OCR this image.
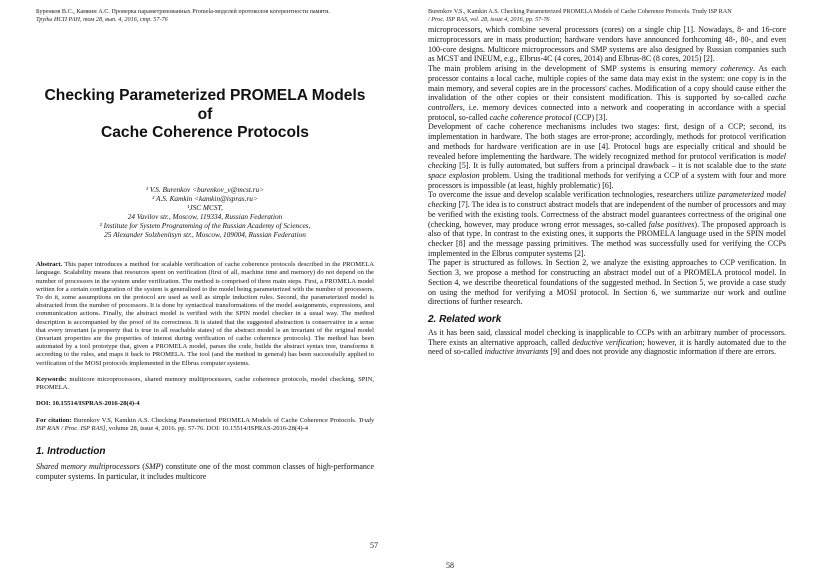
Буренков В.С., Камкин А.С. Проверка параметризованных Promela-моделей протоколов когерентности памяти.
Труды ИСП РАН, том 28, вып. 4, 2016, стр. 57-76
Checking Parameterized PROMELA Models of
Cache Coherence Protocols
¹ V.S. Burenkov <burenkov_v@mcst.ru>
² A.S. Kamkin <kamkin@ispras.ru>
¹JSC MCST,
24 Vavilov str., Moscow, 119334, Russian Federation
² Institute for System Programming of the Russian Academy of Sciences,
25 Alexander Solzhenitsyn str., Moscow, 109004, Russian Federation
Abstract. This paper introduces a method for scalable verification of cache coherence protocols described in the PROMELA language. Scalability means that resources spent on verification (first of all, machine time and memory) do not depend on the number of processors in the system under verification. The method is comprised of three main steps. First, a PROMELA model written for a certain configuration of the system is generalized to the model being parameterized with the number of processors. To do it, some assumptions on the protocol are used as well as simple induction rules. Second, the parameterized model is abstracted from the number of processors. It is done by syntactical transformations of the model assignments, expressions, and communication actions. Finally, the abstract model is verified with the SPIN model checker in a usual way. The method description is accompanied by the proof of its correctness. It is stated that the suggested abstraction is conservative in a sense that every invariant (a property that is true in all reachable states) of the abstract model is an invariant of the original model (invariant properties are the properties of interest during verification of cache coherence protocols). The method has been automated by a tool prototype that, given a PROMELA model, parses the code, builds the abstract syntax tree, transforms it according to the rules, and maps it back to PROMELA. The tool (and the method in general) has been successfully applied to verification of the MOSI protocols implemented in the Elbrus computer systems.
Keywords: multicore microprocessors, shared memory multiprocessors, cache coherence protocols, model checking, SPIN, PROMELA.
DOI: 10.15514/ISPRAS-2016-28(4)-4
For citation: Burenkov V.S, Kamkin A.S. Checking Parameterized PROMELA Models of Cache Coherence Protocols. Trudy ISP RAN / Proc. ISP RAS], volume 28, issue 4, 2016. pp. 57-76. DOI: 10.15514/ISPRAS-2016-28(4)-4
1. Introduction
Shared memory multiprocessors (SMP) constitute one of the most common classes of high-performance computer systems. In particular, it includes multicore
57
Burenkov V.S., Kamkin A.S. Checking Parameterized PROMELA Models of Cache Coherence Protocols. Trudy ISP RAN
/ Proc. ISP RAS, vol. 28, issue 4, 2016, pp. 57-76

microprocessors, which combine several processors (cores) on a single chip [1]. Nowadays, 8- and 16-core microprocessors are in mass production; hardware vendors have announced forthcoming 48-, 80-, and even 100-core designs. Multicore microprocessors and SMP systems are also designed by Russian companies such as MCST and INEUM, e.g., Elbrus-4C (4 cores, 2014) and Elbrus-8C (8 cores, 2015) [2].

The main problem arising in the development of SMP systems is ensuring memory coherency. As each processor contains a local cache, multiple copies of the same data may exist in the system: one copy is in the main memory, and several copies are in the processors' caches. Modification of a copy should cause either the invalidation of the other copies or their consistent modification. This is supported by so-called cache controllers, i.e. memory devices connected into a network and cooperating in accordance with a special protocol, so-called cache coherence protocol (CCP) [3].

Development of cache coherence mechanisms includes two stages: first, design of a CCP; second, its implementation in hardware. The both stages are error-prone; accordingly, methods for protocol verification and methods for hardware verification are in use [4]. Protocol bugs are especially critical and should be revealed before implementing the hardware. The widely recognized method for protocol verification is model checking [5]. It is fully automated, but suffers from a principal drawback – it is not scalable due to the state space explosion problem. Using the traditional methods for verifying a CCP of a system with four and more processors is impossible (at least, highly problematic) [6].

To overcome the issue and develop scalable verification technologies, researchers utilize parameterized model checking [7]. The idea is to construct abstract models that are independent of the number of processors and may be verified with the existing tools. Correctness of the abstract model guarantees correctness of the original one (checking, however, may produce wrong error messages, so-called false positives). The proposed approach is also of that type. In contrast to the existing ones, it supports the PROMELA language used in the SPIN model checker [8] and the message passing primitives. The method was successfully used for verifying the CCPs implemented in the Elbrus computer systems [2].

The paper is structured as follows. In Section 2, we analyze the existing approaches to CCP verification. In Section 3, we propose a method for constructing an abstract model out of a PROMELA protocol model. In Section 4, we describe theoretical foundations of the suggested method. In Section 5, we provide a case study on using the method for verifying a MOSI protocol. In Section 6, we summarize our work and outline directions of further research.

2. Related work

As it has been said, classical model checking is inapplicable to CCPs with an arbitrary number of processors. There exists an alternative approach, called deductive verification; however, it is hardly automated due to the need of so-called inductive invariants [9] and does not provide any diagnostic information if there are errors.

58
